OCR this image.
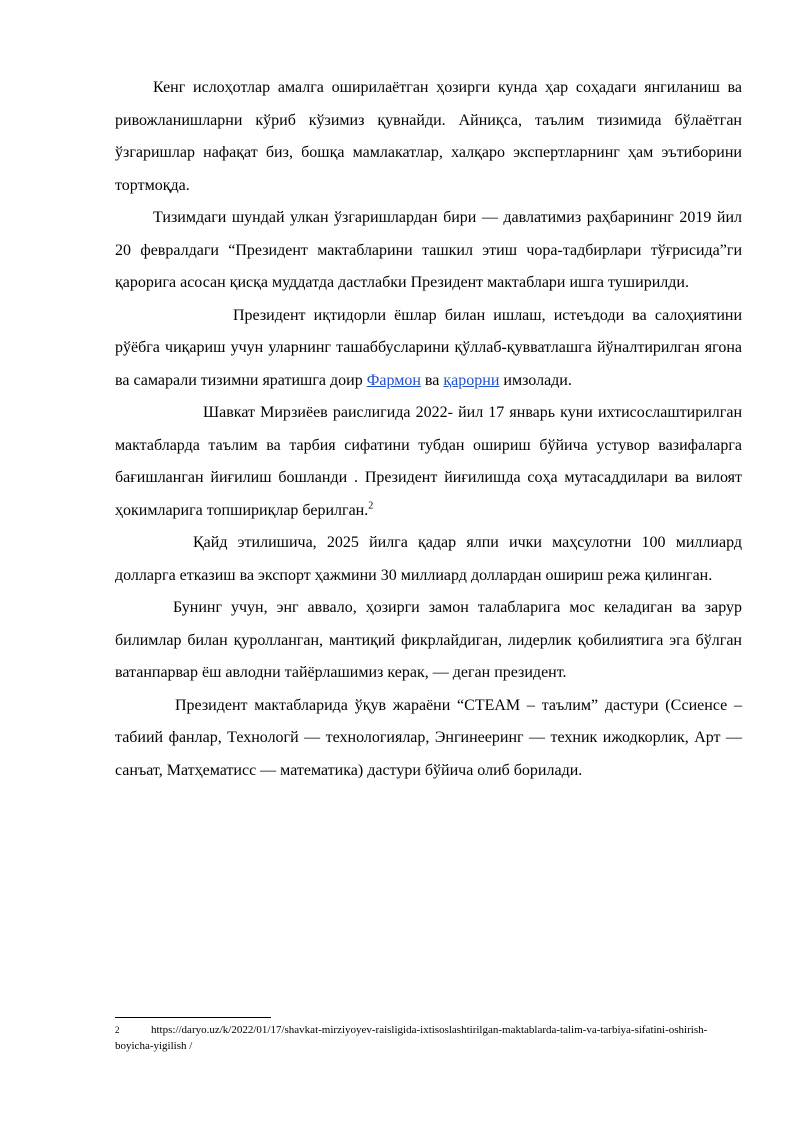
Кенг ислоҳотлар амалга оширилаётган ҳозирги кунда ҳар соҳадаги янгиланиш ва ривожланишларни кўриб кўзимиз қувнайди. Айниқса, таълим тизимида бўлаётган ўзгаришлар нафақат биз, бошқа мамлакатлар, халқаро экспертларнинг ҳам эътиборини тортмоқда.

Тизимдаги шундай улкан ўзгаришлардан бири — давлатимиз раҳбарининг 2019 йил 20 февралдаги “Президент мактабларини ташкил этиш чора-тадбирлари тўғрисида”ги қарорига асосан қисқа муддатда дастлабки Президент мактаблари ишга туширилди.

Президент иқтидорли ёшлар билан ишлаш, истеъдоди ва салоҳиятини рўёбга чиқариш учун уларнинг ташаббусларини қўллаб-қувватлашга йўналтирилган ягона ва самарали тизимни яратишга доир Фармон ва қарорни имзолади.

Шавкат Мирзиёев раислигида 2022- йил 17 январь куни ихтисослаштирилган мактабларда таълим ва тарбия сифатини тубдан ошириш бўйича устувор вазифаларга бағишланган йиғилиш бошланди . Президент йиғилишда соҳа мутасаддилари ва вилоят ҳокимларига топшириқлар берилган.$^2$

Қайд этилишича, 2025 йилга қадар ялпи ички маҳсулотни 100 миллиард долларга етказиш ва экспорт ҳажмини 30 миллиард доллардан ошириш режа қилинган.

Бунинг учун, энг аввало, ҳозирги замон талабларига мос келадиган ва зарур билимлар билан қуролланган, мантиқий фикрлайдиган, лидерлик қобилиятига эга бўлган ватанпарвар ёш авлодни тайёрлашимиз керак, — деган президент.

Президент мактабларида ўқув жараёни “СТЕАМ – таълим” дастури (Ссиенсе – табиий фанлар, Технологй — технологиялар, Энгинееринг — техник ижодкорлик, Арт — санъат, Матҳематисс — математика) дастури бўйича олиб борилади.

2	https://daryo.uz/k/2022/01/17/shavkat-mirziyoyev-raisligida-ixtisoslashtirilgan-maktablarda-talim-va-tarbiya-sifatini-oshirish-boyicha-yigilish /
